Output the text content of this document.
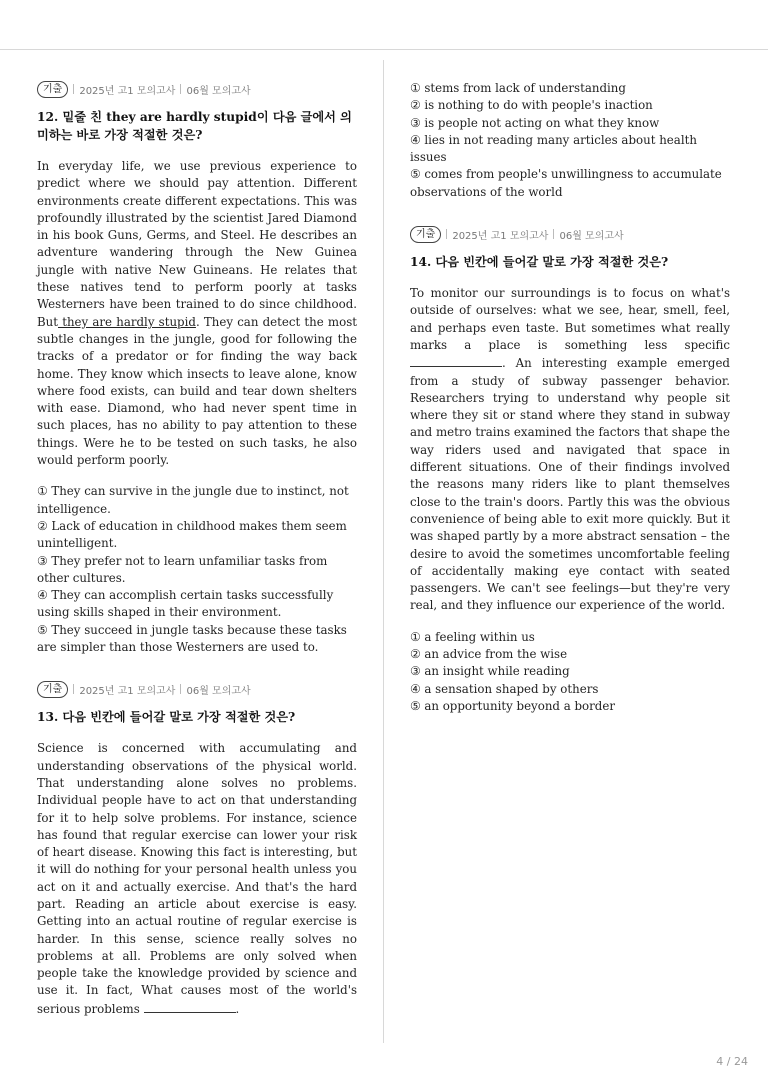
기출	2025년 고1 모의고사 06월 모의고사
12. 밑줄 친 they are hardly stupid이 다음 글에서 의미하는 바로 가장 적절한 것은?

In everyday life, we use previous experience to predict where we should pay attention. Different environments create different expectations. This was profoundly illustrated by the scientist Jared Diamond in his book Guns, Germs, and Steel. He describes an adventure wandering through the New Guinea jungle with native New Guineans. He relates that these natives tend to perform poorly at tasks Westerners have been trained to do since childhood. But they are hardly stupid. They can detect the most subtle changes in the jungle, good for following the tracks of a predator or for finding the way back home. They know which insects to leave alone, know where food exists, can build and tear down shelters with ease. Diamond, who had never spent time in such places, has no ability to pay attention to these things. Were he to be tested on such tasks, he also would perform poorly.

① They can survive in the jungle due to instinct, not intelligence.
② Lack of education in childhood makes them seem unintelligent.
③ They prefer not to learn unfamiliar tasks from other cultures.
④ They can accomplish certain tasks successfully using skills shaped in their environment.
⑤ They succeed in jungle tasks because these tasks are simpler than those Westerners are used to.
기출	2025년 고1 모의고사 06월 모의고사
13. 다음 빈칸에 들어갈 말로 가장 적절한 것은?

Science is concerned with accumulating and understanding observations of the physical world. That understanding alone solves no problems. Individual people have to act on that understanding for it to help solve problems. For instance, science has found that regular exercise can lower your risk of heart disease. Knowing this fact is interesting, but it will do nothing for your personal health unless you act on it and actually exercise. And that's the hard part. Reading an article about exercise is easy. Getting into an actual routine of regular exercise is harder. In this sense, science really solves no problems at all. Problems are only solved when people take the knowledge provided by science and use it. In fact, What causes most of the world's serious problems	.

① stems from lack of understanding
② is nothing to do with people's inaction
③ is people not acting on what they know
④ lies in not reading many articles about health issues
⑤ comes from people's unwillingness to accumulate observations of the world
기출	2025년 고1 모의고사 06월 모의고사
14. 다음 빈칸에 들어갈 말로 가장 적절한 것은?

To monitor our surroundings is to focus on what's outside of ourselves: what we see, hear, smell, feel, and perhaps even taste. But sometimes what really marks a place is something less specific . An interesting example emerged from a study of subway passenger behavior. Researchers trying to understand why people sit where they sit or stand where they stand in subway and metro trains examined the factors that shape the way riders used and navigated that space in different situations. One of their findings involved the reasons many riders like to plant themselves close to the train's doors. Partly this was the obvious convenience of being able to exit more quickly. But it was shaped partly by a more abstract sensation – the desire to avoid the sometimes uncomfortable feeling of accidentally making eye contact with seated passengers. We can't see feelings—but they're very real, and they influence our experience of the world.

① a feeling within us
② an advice from the wise
③ an insight while reading
④ a sensation shaped by others
⑤ an opportunity beyond a border
4 / 24
